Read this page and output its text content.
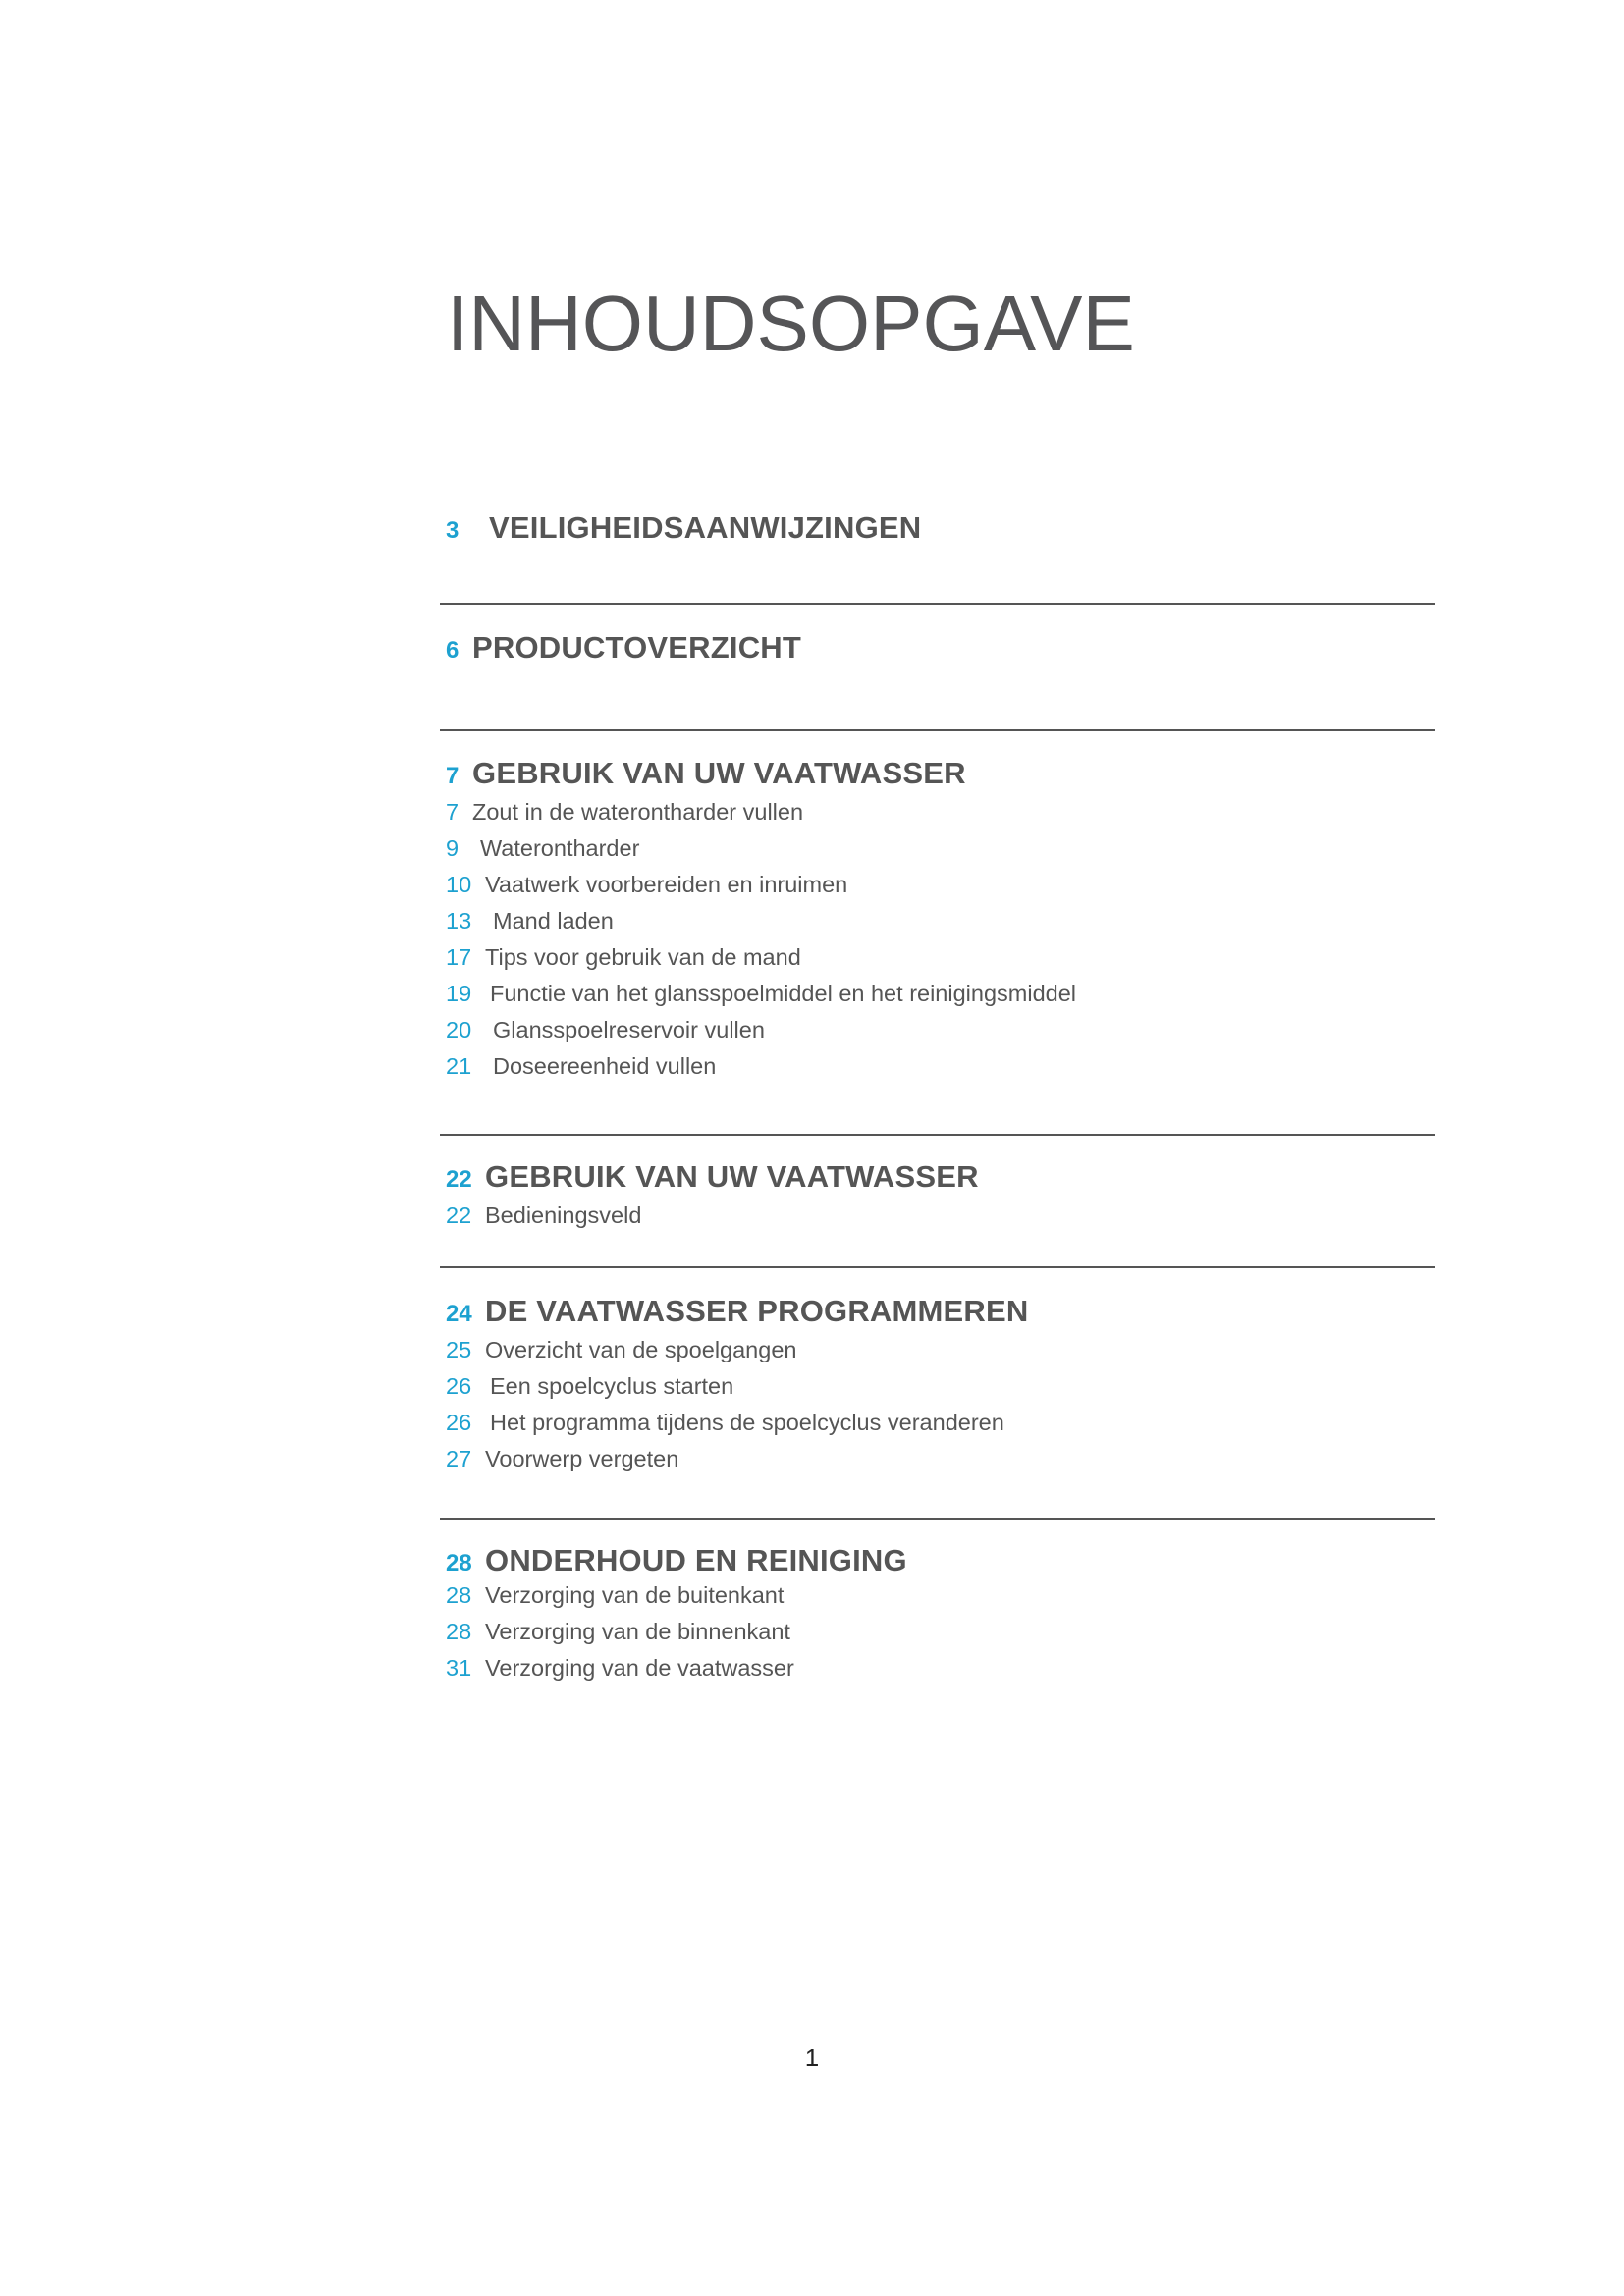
INHOUDSOPGAVE
3 VEILIGHEIDSAANWIJZINGEN
6 PRODUCTOVERZICHT
7 GEBRUIK VAN UW VAATWASSER
7 Zout in de waterontharder vullen
9 Waterontharder
10 Vaatwerk voorbereiden en inruimen
13 Mand laden
17 Tips voor gebruik van de mand
19 Functie van het glansspoelmiddel en het reinigingsmiddel
20 Glansspoelreservoir vullen
21 Doseereenheid vullen
22 GEBRUIK VAN UW VAATWASSER
22 Bedieningsveld
24 DE VAATWASSER PROGRAMMEREN
25 Overzicht van de spoelgangen
26 Een spoelcyclus starten
26 Het programma tijdens de spoelcyclus veranderen
27 Voorwerp vergeten
28 ONDERHOUD EN REINIGING
28 Verzorging van de buitenkant
28 Verzorging van de binnenkant
31 Verzorging van de vaatwasser
1
